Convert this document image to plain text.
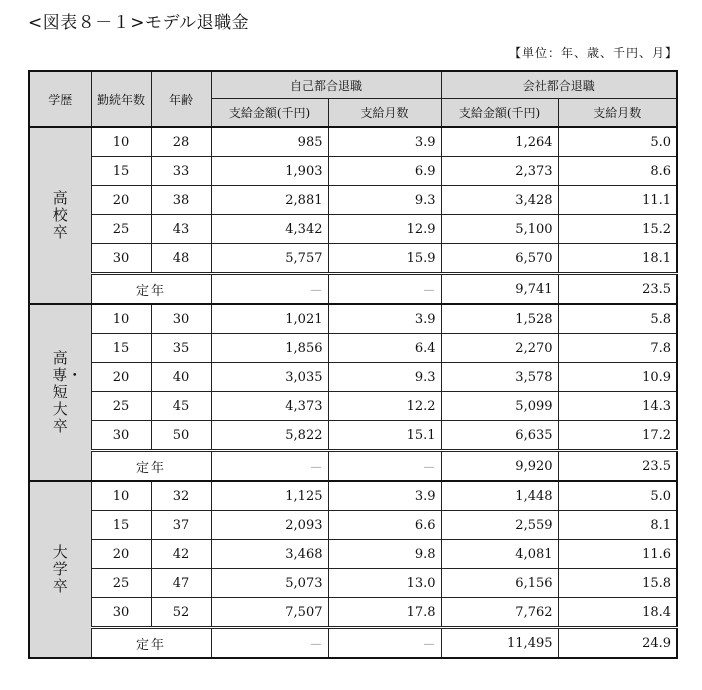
<図表８－１>モデル退職金
【単位：年、歳、千円、月】
学歴	勤続年数	年齢	自己都合退職		会社都合退職	
			支給金額(千円)	支給月数	支給金額(千円)	支給月数
高校卒	10	28	985	3.9	1,264	5.0
	15	33	1,903	6.9	2,373	8.6
	20	38	2,881	9.3	3,428	11.1
	25	43	4,342	12.9	5,100	15.2
	30	48	5,757	15.9	6,570	18.1
	定年		－	－	9,741	23.5
高専・短大卒	10	30	1,021	3.9	1,528	5.8
	15	35	1,856	6.4	2,270	7.8
	20	40	3,035	9.3	3,578	10.9
	25	45	4,373	12.2	5,099	14.3
	30	50	5,822	15.1	6,635	17.2
	定年		－	－	9,920	23.5
大学卒	10	32	1,125	3.9	1,448	5.0
	15	37	2,093	6.6	2,559	8.1
	20	42	3,468	9.8	4,081	11.6
	25	47	5,073	13.0	6,156	15.8
	30	52	7,507	17.8	7,762	18.4
	定年		－	－	11,495	24.9
